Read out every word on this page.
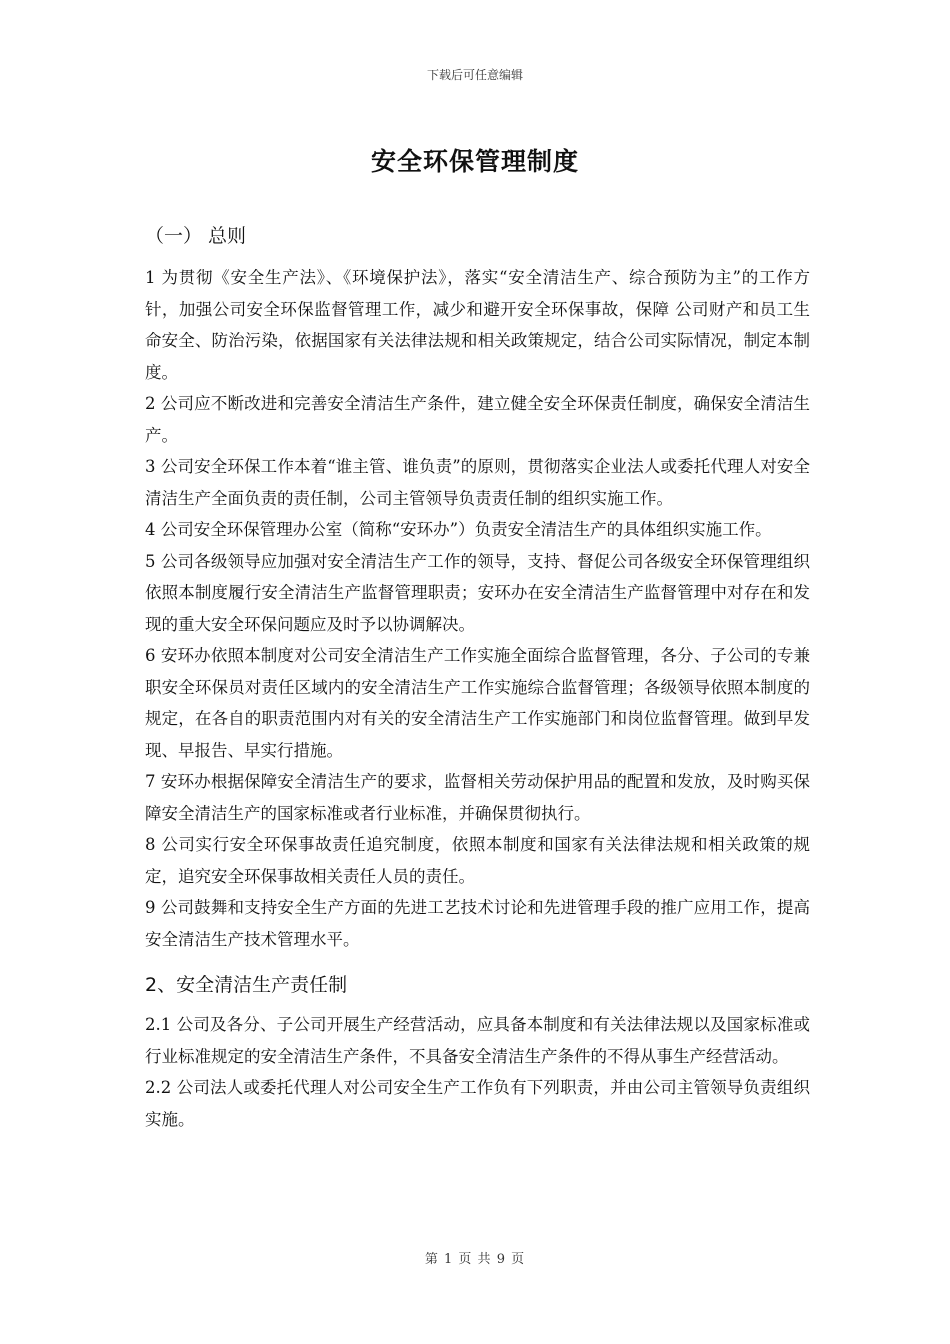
下载后可任意编辑
安全环保管理制度
（一） 总则

1 为贯彻《安全生产法》、《环境保护法》，落实“安全清洁生产、综合预防为主”的工作方针，加强公司安全环保监督管理工作，减少和避开安全环保事故，保障 公司财产和员工生命安全、防治污染，依据国家有关法律法规和相关政策规定，结合公司实际情况，制定本制度。

2 公司应不断改进和完善安全清洁生产条件，建立健全安全环保责任制度，确保安全清洁生产。

3 公司安全环保工作本着“谁主管、谁负责”的原则，贯彻落实企业法人或委托代理人对安全清洁生产全面负责的责任制，公司主管领导负责责任制的组织实施工作。

4 公司安全环保管理办公室（简称“安环办”）负责安全清洁生产的具体组织实施工作。

5 公司各级领导应加强对安全清洁生产工作的领导，支持、督促公司各级安全环保管理组织依照本制度履行安全清洁生产监督管理职责；安环办在安全清洁生产监督管理中对存在和发现的重大安全环保问题应及时予以协调解决。

6 安环办依照本制度对公司安全清洁生产工作实施全面综合监督管理，各分、子公司的专兼职安全环保员对责任区域内的安全清洁生产工作实施综合监督管理；各级领导依照本制度的规定，在各自的职责范围内对有关的安全清洁生产工作实施部门和岗位监督管理。做到早发现、早报告、早实行措施。

7 安环办根据保障安全清洁生产的要求，监督相关劳动保护用品的配置和发放，及时购买保障安全清洁生产的国家标准或者行业标准，并确保贯彻执行。

8 公司实行安全环保事故责任追究制度，依照本制度和国家有关法律法规和相关政策的规定，追究安全环保事故相关责任人员的责任。

9 公司鼓舞和支持安全生产方面的先进工艺技术讨论和先进管理手段的推广应用工作，提高安全清洁生产技术管理水平。

2、安全清洁生产责任制

2.1 公司及各分、子公司开展生产经营活动，应具备本制度和有关法律法规以及国家标准或行业标准规定的安全清洁生产条件，不具备安全清洁生产条件的不得从事生产经营活动。

2.2 公司法人或委托代理人对公司安全生产工作负有下列职责，并由公司主管领导负责组织实施。

第 1 页 共 9 页
